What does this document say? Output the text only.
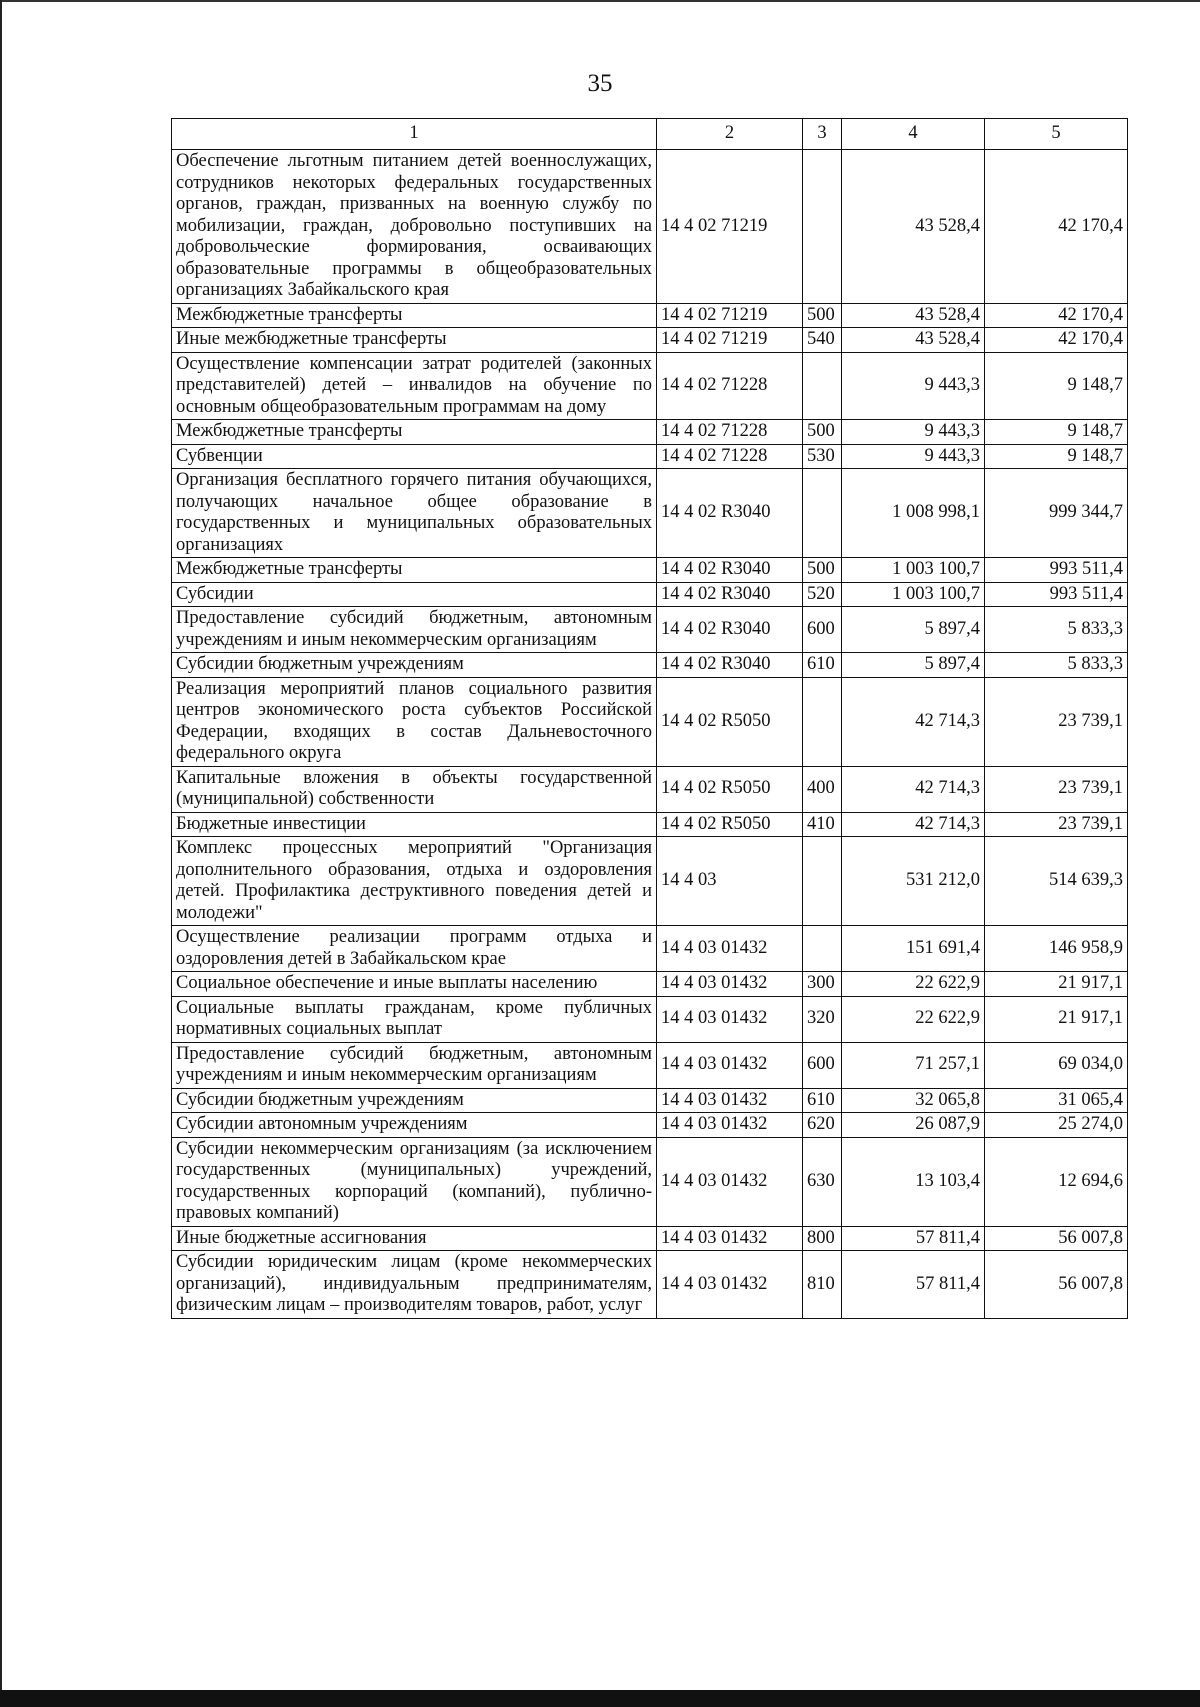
35
1	2	3	4	5
Обеспечение льготным питанием детей военнослужащих, сотрудников некоторых федеральных государственных органов, граждан, призванных на военную службу по мобилизации, граждан, добровольно поступивших на добровольческие формирования, осваивающих образовательные программы в общеобразовательных организациях Забайкальского края	14 4 02 71219		43 528,4	42 170,4
Межбюджетные трансферты	14 4 02 71219	500	43 528,4	42 170,4
Иные межбюджетные трансферты	14 4 02 71219	540	43 528,4	42 170,4
Осуществление компенсации затрат родителей (законных представителей) детей – инвалидов на обучение по основным общеобразовательным программам на дому	14 4 02 71228		9 443,3	9 148,7
Межбюджетные трансферты	14 4 02 71228	500	9 443,3	9 148,7
Субвенции	14 4 02 71228	530	9 443,3	9 148,7
Организация бесплатного горячего питания обучающихся, получающих начальное общее образование в государственных и муниципальных образовательных организациях	14 4 02 R3040		1 008 998,1	999 344,7
Межбюджетные трансферты	14 4 02 R3040	500	1 003 100,7	993 511,4
Субсидии	14 4 02 R3040	520	1 003 100,7	993 511,4
Предоставление субсидий бюджетным, автономным учреждениям и иным некоммерческим организациям	14 4 02 R3040	600	5 897,4	5 833,3
Субсидии бюджетным учреждениям	14 4 02 R3040	610	5 897,4	5 833,3
Реализация мероприятий планов социального развития центров экономического роста субъектов Российской Федерации, входящих в состав Дальневосточного федерального округа	14 4 02 R5050		42 714,3	23 739,1
Капитальные вложения в объекты государственной (муниципальной) собственности	14 4 02 R5050	400	42 714,3	23 739,1
Бюджетные инвестиции	14 4 02 R5050	410	42 714,3	23 739,1
Комплекс процессных мероприятий "Организация дополнительного образования, отдыха и оздоровления детей. Профилактика деструктивного поведения детей и молодежи"	14 4 03		531 212,0	514 639,3
Осуществление реализации программ отдыха и оздоровления детей в Забайкальском крае	14 4 03 01432		151 691,4	146 958,9
Социальное обеспечение и иные выплаты населению	14 4 03 01432	300	22 622,9	21 917,1
Социальные выплаты гражданам, кроме публичных нормативных социальных выплат	14 4 03 01432	320	22 622,9	21 917,1
Предоставление субсидий бюджетным, автономным учреждениям и иным некоммерческим организациям	14 4 03 01432	600	71 257,1	69 034,0
Субсидии бюджетным учреждениям	14 4 03 01432	610	32 065,8	31 065,4
Субсидии автономным учреждениям	14 4 03 01432	620	26 087,9	25 274,0
Субсидии некоммерческим организациям (за исключением государственных (муниципальных) учреждений, государственных корпораций (компаний), публично-правовых компаний)	14 4 03 01432	630	13 103,4	12 694,6
Иные бюджетные ассигнования	14 4 03 01432	800	57 811,4	56 007,8
Субсидии юридическим лицам (кроме некоммерческих организаций), индивидуальным предпринимателям, физическим лицам – производителям товаров, работ, услуг	14 4 03 01432	810	57 811,4	56 007,8
